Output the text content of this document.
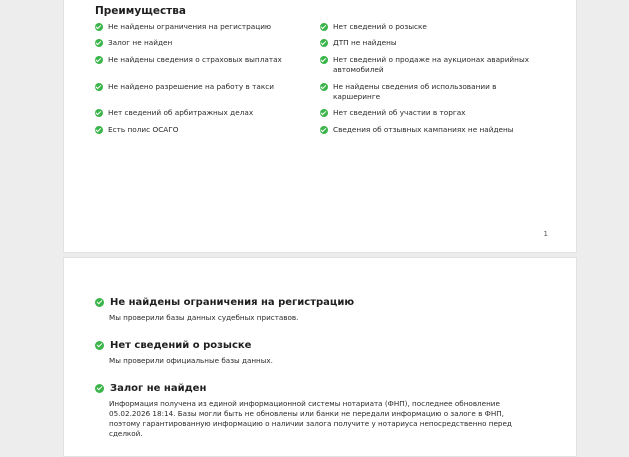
Преимущества
Не найдены ограничения на регистрацию
Залог не найден
Не найдены сведения о страховых выплатах
Не найдено разрешение на работу в такси
Нет сведений об арбитражных делах
Есть полис ОСАГО
Нет сведений о розыске
ДТП не найдены
Нет сведений о продаже на аукционах аварийных автомобилей
Не найдены сведения об использовании в каршеринге
Нет сведений об участии в торгах
Сведения об отзывных кампаниях не найдены
1
Не найдены ограничения на регистрацию
Мы проверили базы данных судебных приставов.
Нет сведений о розыске
Мы проверили официальные базы данных.
Залог не найден
Информация получена из единой информационной системы нотариата (ФНП), последнее обновление 05.02.2026 18:14. Базы могли быть не обновлены или банки не передали информацию о залоге в ФНП, поэтому гарантированную информацию о наличии залога получите у нотариуса непосредственно перед сделкой.
